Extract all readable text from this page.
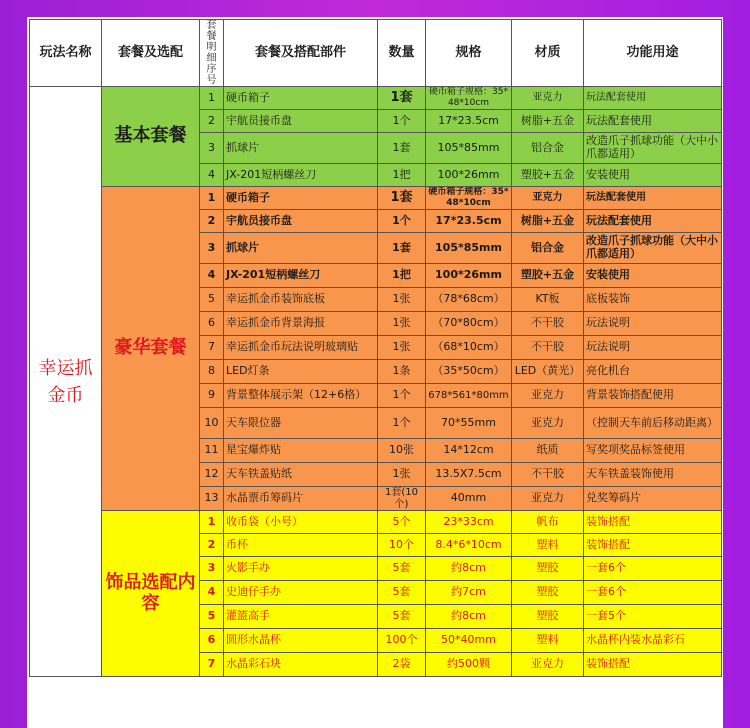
玩法名称	套餐及选配	套餐明细序号	套餐及搭配部件	数量	规格	材质	功能用途
幸运抓金币	基本套餐	1	硬币箱子	1套	硬币箱子规格：35*48*10cm	亚克力	玩法配套使用
		2	宇航员接币盘	1个	17*23.5cm	树脂+五金	玩法配套使用
		3	抓球片	1套	105*85mm	铝合金	改造爪子抓球功能（大中小爪都适用）
		4	JX-201短柄螺丝刀	1把	100*26mm	塑胶+五金	安装使用
	豪华套餐	1	硬币箱子	1套	硬币箱子规格：35*48*10cm	亚克力	玩法配套使用
		2	宇航员接币盘	1个	17*23.5cm	树脂+五金	玩法配套使用
		3	抓球片	1套	105*85mm	铝合金	改造爪子抓球功能（大中小爪都适用）
		4	JX-201短柄螺丝刀	1把	100*26mm	塑胶+五金	安装使用
		5	幸运抓金币装饰底板	1张	（78*68cm）	KT板	底板装饰
		6	幸运抓金币背景海报	1张	（70*80cm）	不干胶	玩法说明
		7	幸运抓金币玩法说明玻璃贴	1张	（68*10cm）	不干胶	玩法说明
		8	LED灯条	1条	（35*50cm）	LED（黄光）	亮化机台
		9	背景整体展示架（12+6格）	1个	678*561*80mm	亚克力	背景装饰搭配使用
		10	天车限位器	1个	70*55mm	亚克力	（控制天车前后移动距离）
		11	星宝爆炸贴	10张	14*12cm	纸质	写奖项奖品标签使用
		12	天车铁盖贴纸	1张	13.5X7.5cm	不干胶	天车铁盖装饰使用
		13	水晶票币筹码片	1套(10个)	40mm	亚克力	兑奖筹码片
	饰品选配内容	1	收币袋（小号）	5个	23*33cm	帆布	装饰搭配
		2	币杯	10个	8.4*6*10cm	塑料	装饰搭配
		3	火影手办	5套	约8cm	塑胶	一套6个
		4	史迪仔手办	5套	约7cm	塑胶	一套6个
		5	灌篮高手	5套	约8cm	塑胶	一套5个
		6	圆形水晶杯	100个	50*40mm	塑料	水晶杯内装水晶彩石
		7	水晶彩石块	2袋	约500颗	亚克力	装饰搭配
